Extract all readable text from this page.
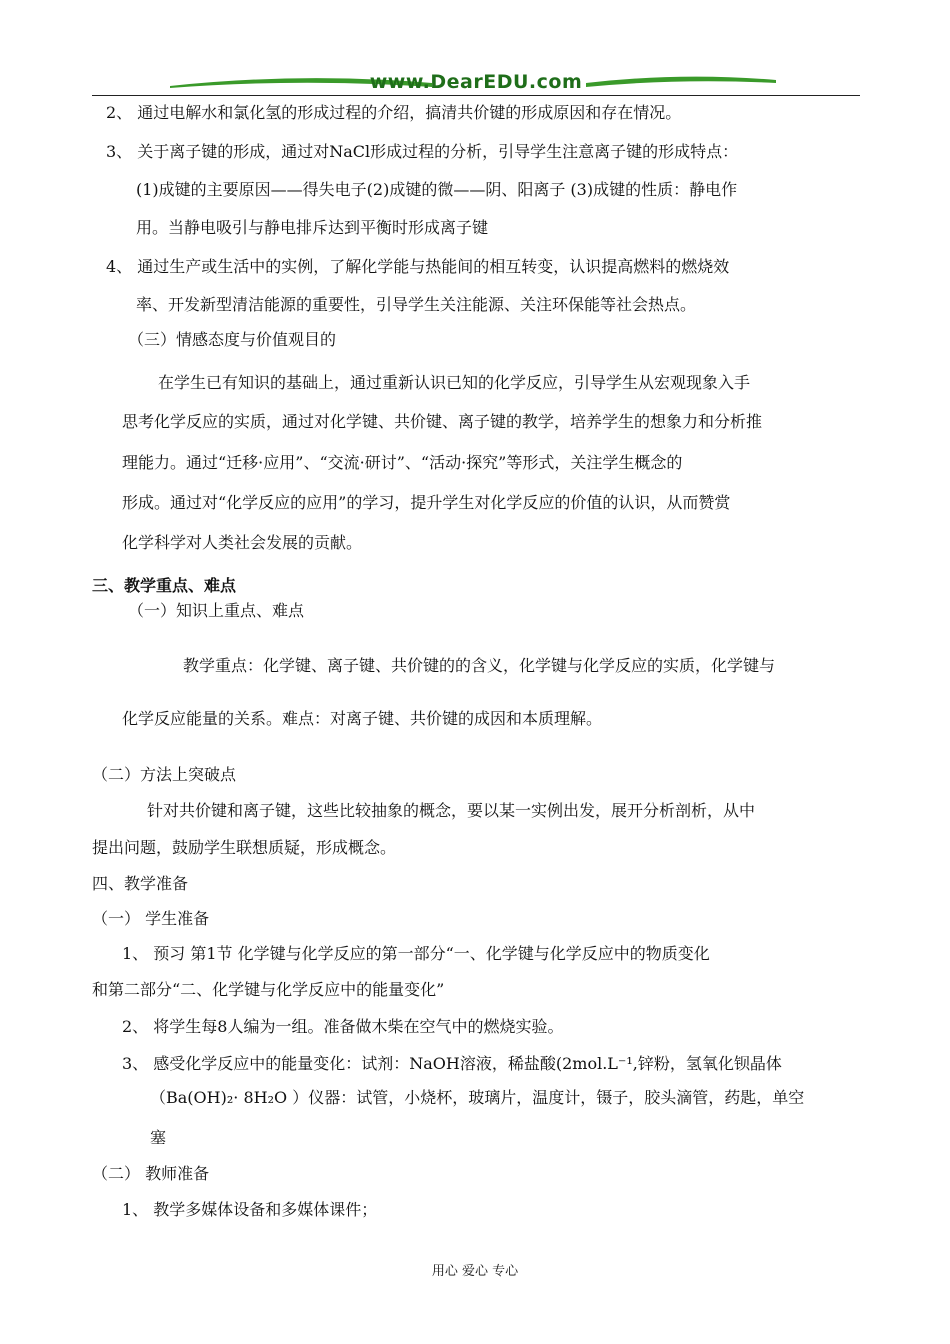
www.DearEDU.com
2、 通过电解水和氯化氢的形成过程的介绍，搞清共价键的形成原因和存在情况。
3、 关于离子键的形成，通过对NaCl形成过程的分析，引导学生注意离子键的形成特点：
(1)成键的主要原因——得失电子(2)成键的微——阴、阳离子 (3)成键的性质：静电作
用。当静电吸引与静电排斥达到平衡时形成离子键
4、 通过生产或生活中的实例，了解化学能与热能间的相互转变，认识提高燃料的燃烧效
率、开发新型清洁能源的重要性，引导学生关注能源、关注环保能等社会热点。
（三）情感态度与价值观目的
在学生已有知识的基础上，通过重新认识已知的化学反应，引导学生从宏观现象入手
思考化学反应的实质，通过对化学键、共价键、离子键的教学，培养学生的想象力和分析推
理能力。通过“迁移·应用”、“交流·研讨”、“活动·探究”等形式，关注学生概念的
形成。通过对“化学反应的应用”的学习，提升学生对化学反应的价值的认识，从而赞赏
化学科学对人类社会发展的贡献。
三、教学重点、难点
（一）知识上重点、难点
教学重点：化学键、离子键、共价键的的含义，化学键与化学反应的实质，化学键与
化学反应能量的关系。难点：对离子键、共价键的成因和本质理解。
（二）方法上突破点
针对共价键和离子键，这些比较抽象的概念，要以某一实例出发，展开分析剖析，从中
提出问题，鼓励学生联想质疑，形成概念。
四、教学准备
（一） 学生准备
1、 预习 第1节 化学键与化学反应的第一部分“一、化学键与化学反应中的物质变化
和第二部分“二、化学键与化学反应中的能量变化”
2、 将学生每8人编为一组。准备做木柴在空气中的燃烧实验。
3、 感受化学反应中的能量变化：试剂：NaOH溶液，稀盐酸(2mol.L⁻¹,锌粉，氢氧化钡晶体
（Ba(OH)₂· 8H₂O ）仪器：试管，小烧杯，玻璃片，温度计，镊子，胶头滴管，药匙，单空
塞
（二） 教师准备
1、 教学多媒体设备和多媒体课件；
用心 爱心 专心
